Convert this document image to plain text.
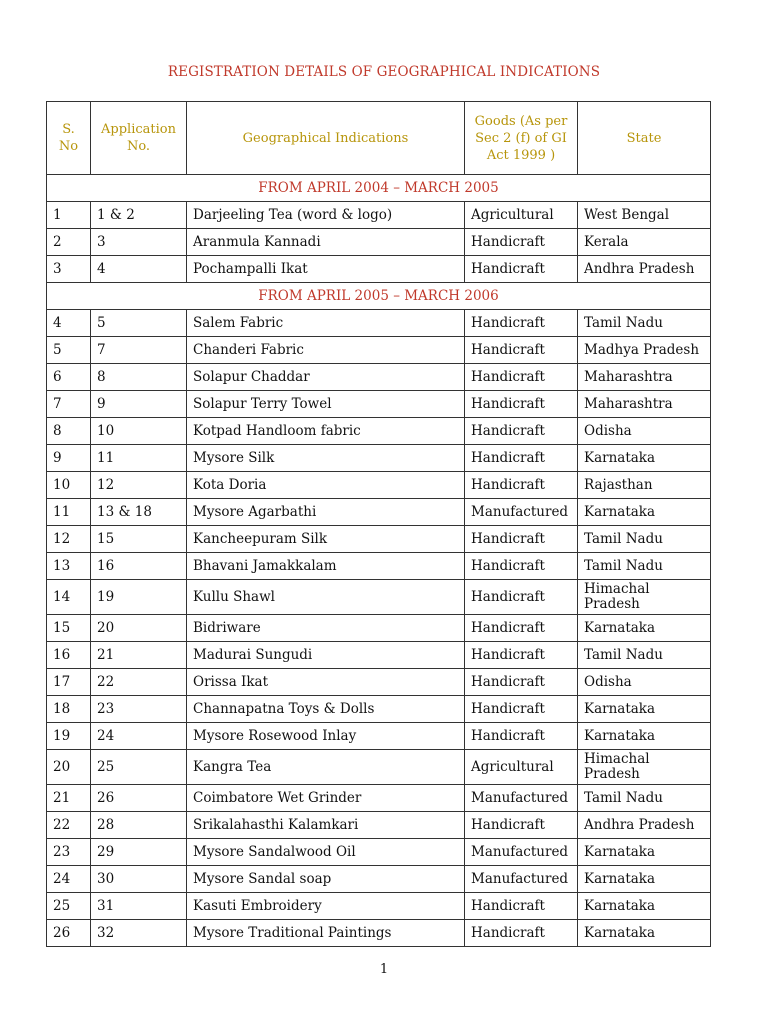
REGISTRATION DETAILS OF GEOGRAPHICAL INDICATIONS
S. No	Application No.	Geographical Indications	Goods (As per Sec 2 (f) of GI Act 1999 )	State
FROM APRIL 2004 – MARCH 2005				
1	1 & 2	Darjeeling Tea (word & logo)	Agricultural	West Bengal
2	3	Aranmula Kannadi	Handicraft	Kerala
3	4	Pochampalli Ikat	Handicraft	Andhra Pradesh
FROM APRIL 2005 – MARCH 2006				
4	5	Salem Fabric	Handicraft	Tamil Nadu
5	7	Chanderi Fabric	Handicraft	Madhya Pradesh
6	8	Solapur Chaddar	Handicraft	Maharashtra
7	9	Solapur Terry Towel	Handicraft	Maharashtra
8	10	Kotpad Handloom fabric	Handicraft	Odisha
9	11	Mysore Silk	Handicraft	Karnataka
10	12	Kota Doria	Handicraft	Rajasthan
11	13 & 18	Mysore Agarbathi	Manufactured	Karnataka
12	15	Kancheepuram Silk	Handicraft	Tamil Nadu
13	16	Bhavani Jamakkalam	Handicraft	Tamil Nadu
14	19	Kullu Shawl	Handicraft	Himachal Pradesh
15	20	Bidriware	Handicraft	Karnataka
16	21	Madurai Sungudi	Handicraft	Tamil Nadu
17	22	Orissa Ikat	Handicraft	Odisha
18	23	Channapatna Toys & Dolls	Handicraft	Karnataka
19	24	Mysore Rosewood Inlay	Handicraft	Karnataka
20	25	Kangra Tea	Agricultural	Himachal Pradesh
21	26	Coimbatore Wet Grinder	Manufactured	Tamil Nadu
22	28	Srikalahasthi Kalamkari	Handicraft	Andhra Pradesh
23	29	Mysore Sandalwood Oil	Manufactured	Karnataka
24	30	Mysore Sandal soap	Manufactured	Karnataka
25	31	Kasuti Embroidery	Handicraft	Karnataka
26	32	Mysore Traditional Paintings	Handicraft	Karnataka
1
